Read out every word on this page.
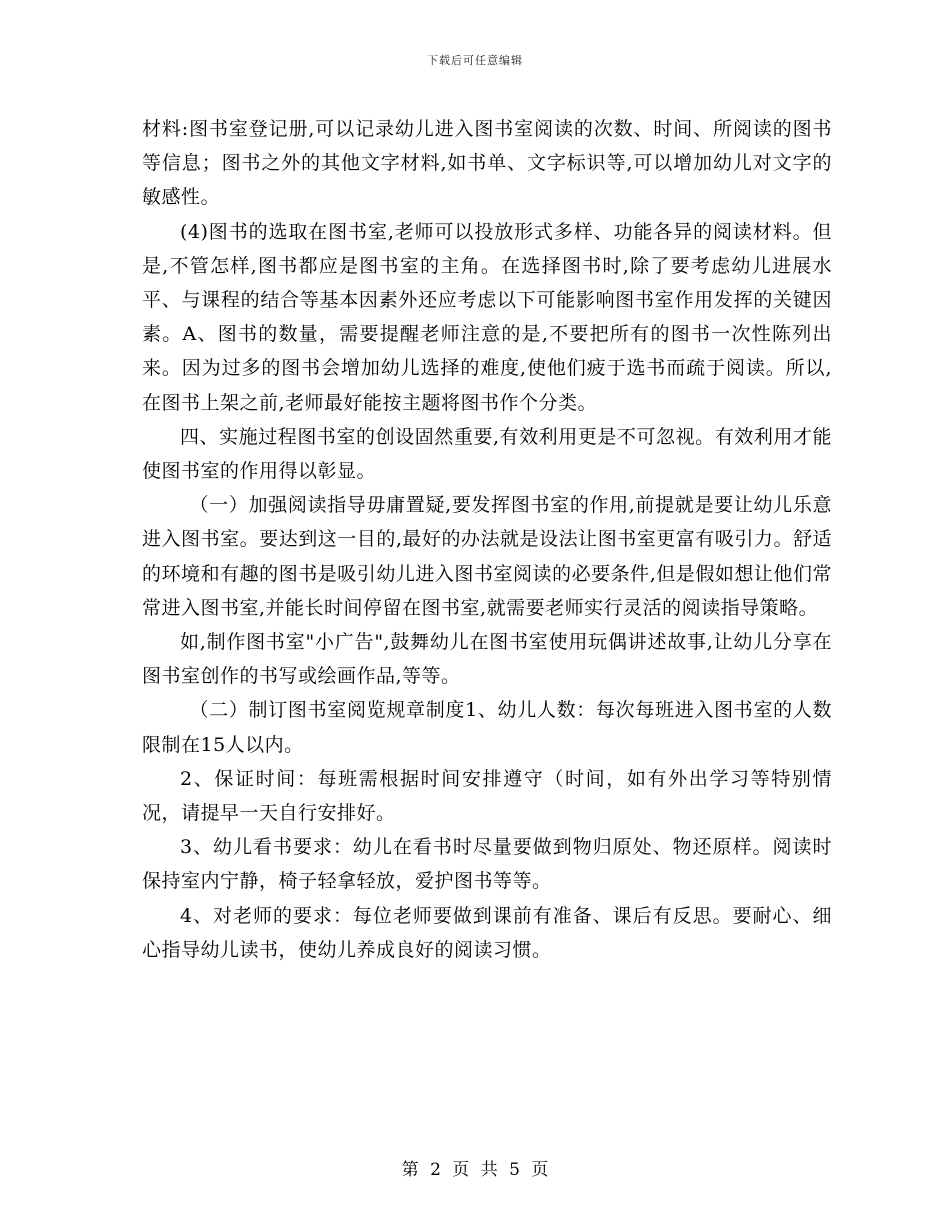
下载后可任意编辑

材料:图书室登记册,可以记录幼儿进入图书室阅读的次数、时间、所阅读的图书等信息；图书之外的其他文字材料,如书单、文字标识等,可以增加幼儿对文字的敏感性。

(4)图书的选取在图书室,老师可以投放形式多样、功能各异的阅读材料。但是,不管怎样,图书都应是图书室的主角。在选择图书时,除了要考虑幼儿进展水平、与课程的结合等基本因素外还应考虑以下可能影响图书室作用发挥的关键因素。A、图书的数量，需要提醒老师注意的是,不要把所有的图书一次性陈列出来。因为过多的图书会增加幼儿选择的难度,使他们疲于选书而疏于阅读。所以,在图书上架之前,老师最好能按主题将图书作个分类。

四、实施过程图书室的创设固然重要,有效利用更是不可忽视。有效利用才能使图书室的作用得以彰显。

（一）加强阅读指导毋庸置疑,要发挥图书室的作用,前提就是要让幼儿乐意进入图书室。要达到这一目的,最好的办法就是设法让图书室更富有吸引力。舒适的环境和有趣的图书是吸引幼儿进入图书室阅读的必要条件,但是假如想让他们常常进入图书室,并能长时间停留在图书室,就需要老师实行灵活的阅读指导策略。

如,制作图书室"小广告",鼓舞幼儿在图书室使用玩偶讲述故事,让幼儿分享在图书室创作的书写或绘画作品,等等。

（二）制订图书室阅览规章制度1、幼儿人数：每次每班进入图书室的人数限制在15人以内。

2、保证时间：每班需根据时间安排遵守（时间，如有外出学习等特别情况，请提早一天自行安排好。

3、幼儿看书要求：幼儿在看书时尽量要做到物归原处、物还原样。阅读时保持室内宁静，椅子轻拿轻放，爱护图书等等。

4、对老师的要求：每位老师要做到课前有准备、课后有反思。要耐心、细心指导幼儿读书，使幼儿养成良好的阅读习惯。

第 2 页 共 5 页
